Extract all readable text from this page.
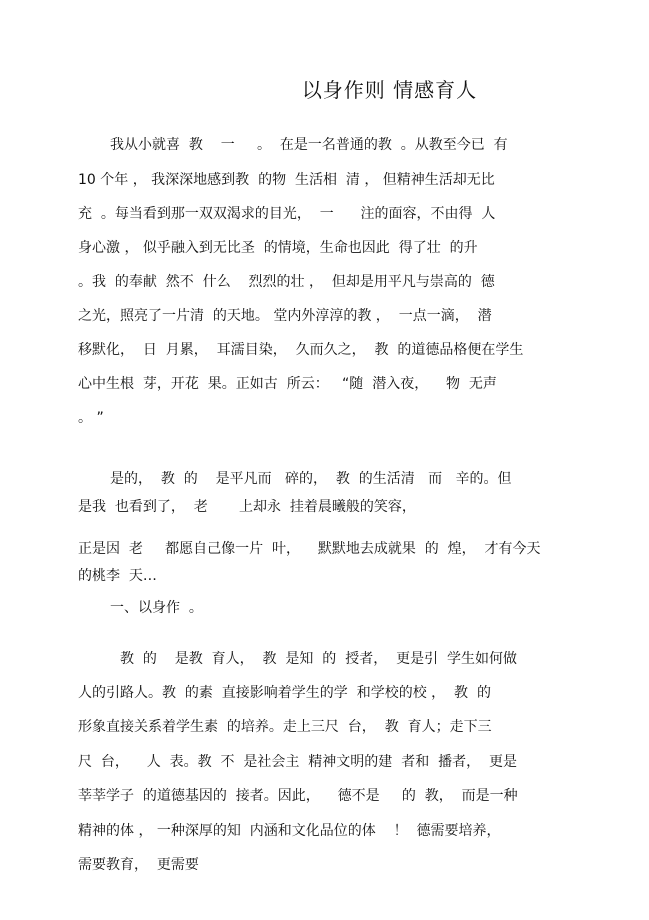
以身作则 情感育人
我从小就喜  教    一     。  在是一名普通的教  。从教至今已  有
10 个年 ， 我深深地感到教  的物  生活相  清 ， 但精神生活却无比
充  。每当看到那一双双渴求的目光，  一      注的面容，不由得  人
身心激 ， 似乎融入到无比圣  的情境，生命也因此  得了壮  的升
。我  的奉献  然不  什么    烈烈的壮 ，  但却是用平凡与崇高的  德
之光，照亮了一片清  的天地。 堂内外淳淳的教 ，  一点一滴，  潜
移默化，  日  月累，  耳濡目染，  久而久之，  教  的道德品格便在学生
心中生根  芽，开花  果。正如古  所云：   “随  潜入夜，    物  无声
。 ”
是的，  教  的    是平凡而   碎的，  教  的生活清   而   辛的。但
是我  也看到了，  老       上却永  挂着晨曦般的笑容，
正是因  老     都愿自己像一片  叶，    默默地去成就果  的  煌，  才有今天
的桃李  天…
一、以身作  。
教  的    是教  育人，  教  是知  的  授者，  更是引  学生如何做
人的引路人。教  的素  直接影响着学生的学  和学校的校 ，  教  的
形象直接关系着学生素  的培养。走上三尺  台，  教  育人；走下三
尺  台，    人  表。教  不  是社会主  精神文明的建  者和  播者，  更是
莘莘学子  的道德基因的  接者。因此，    德不是     的  教，  而是一种
精神的体 ， 一种深厚的知  内涵和文化品位的体    ！  德需要培养，
需要教育，  更需要
